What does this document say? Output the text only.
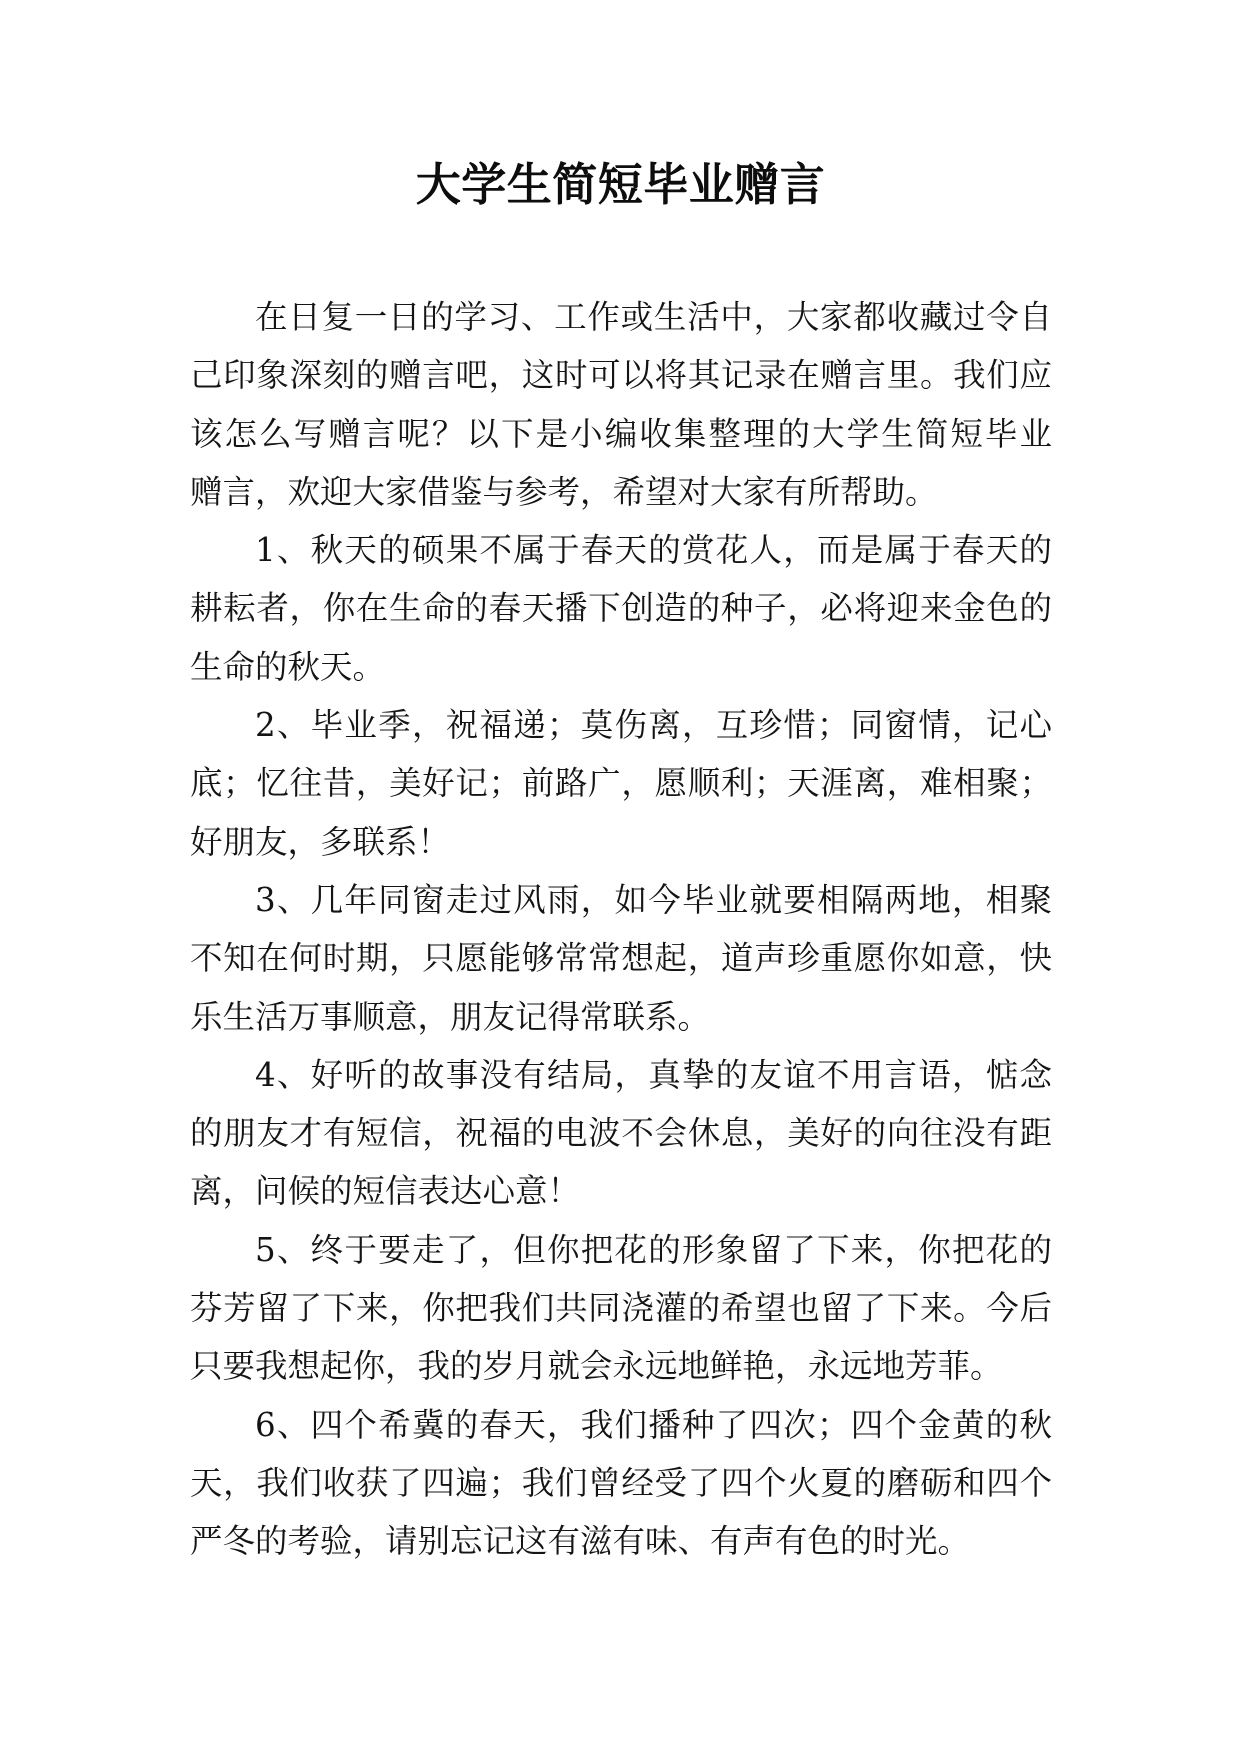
大学生简短毕业赠言
在日复一日的学习、工作或生活中，大家都收藏过令自
己印象深刻的赠言吧，这时可以将其记录在赠言里。我们应
该怎么写赠言呢？以下是小编收集整理的大学生简短毕业
赠言，欢迎大家借鉴与参考，希望对大家有所帮助。
1、秋天的硕果不属于春天的赏花人，而是属于春天的
耕耘者，你在生命的春天播下创造的种子，必将迎来金色的
生命的秋天。
2、毕业季，祝福递；莫伤离，互珍惜；同窗情，记心
底；忆往昔，美好记；前路广，愿顺利；天涯离，难相聚；
好朋友，多联系！
3、几年同窗走过风雨，如今毕业就要相隔两地，相聚
不知在何时期，只愿能够常常想起，道声珍重愿你如意，快
乐生活万事顺意，朋友记得常联系。
4、好听的故事没有结局，真挚的友谊不用言语，惦念
的朋友才有短信，祝福的电波不会休息，美好的向往没有距
离，问候的短信表达心意！
5、终于要走了，但你把花的形象留了下来，你把花的
芬芳留了下来，你把我们共同浇灌的希望也留了下来。今后
只要我想起你，我的岁月就会永远地鲜艳，永远地芳菲。
6、四个希冀的春天，我们播种了四次；四个金黄的秋
天，我们收获了四遍；我们曾经受了四个火夏的磨砺和四个
严冬的考验，请别忘记这有滋有味、有声有色的时光。
